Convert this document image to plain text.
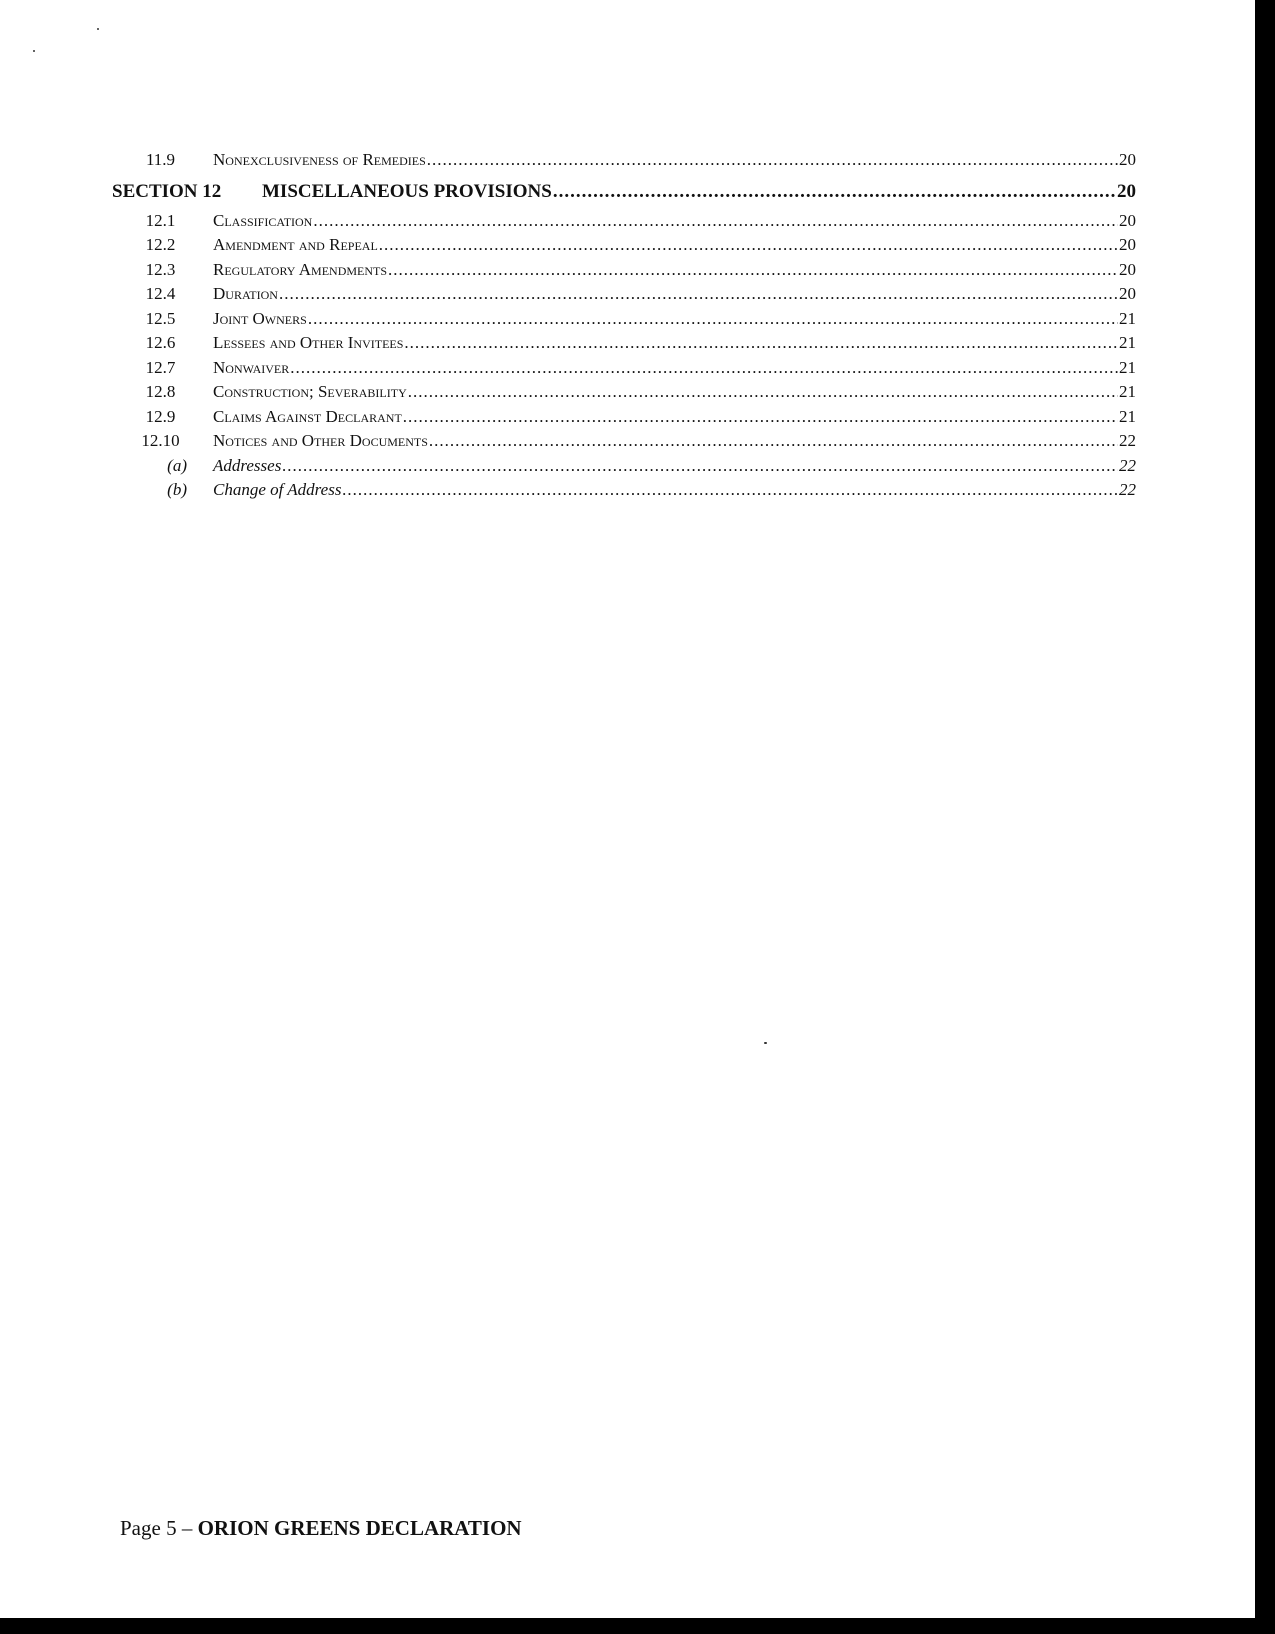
11.9	Nonexclusiveness of Remedies .....	20
SECTION 12	MISCELLANEOUS PROVISIONS .....	20
12.1	Classification .....	20
12.2	Amendment and Repeal .....	20
12.3	Regulatory Amendments .....	20
12.4	Duration .....	20
12.5	Joint Owners .....	21
12.6	Lessees and Other Invitees .....	21
12.7	Nonwaiver .....	21
12.8	Construction; Severability .....	21
12.9	Claims Against Declarant .....	21
12.10	Notices and Other Documents .....	22
(a)	Addresses .....	22
(b)	Change of Address .....	22
Page 5 – ORION GREENS DECLARATION
